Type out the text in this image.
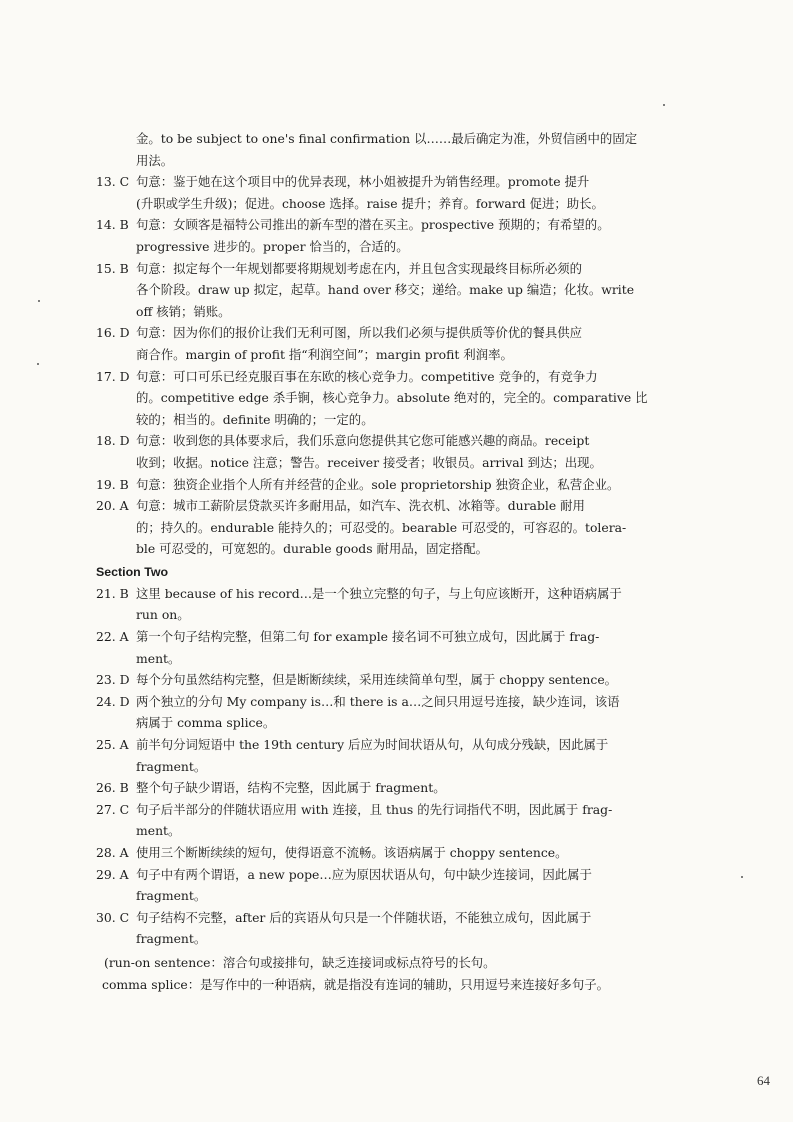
金。to be subject to one's final confirmation 以……最后确定为准，外贸信函中的固定
用法。
13. C 句意：鉴于她在这个项目中的优异表现，林小姐被提升为销售经理。promote 提升
(升职或学生升级)；促进。choose 选择。raise 提升；养育。forward 促进；助长。
14. B 句意：女顾客是福特公司推出的新车型的潜在买主。prospective 预期的；有希望的。
progressive 进步的。proper 恰当的，合适的。
15. B 句意：拟定每个一年规划都要将期规划考虑在内，并且包含实现最终目标所必须的
各个阶段。draw up 拟定，起草。hand over 移交；递给。make up 编造；化妆。write
off 核销；销账。
16. D 句意：因为你们的报价让我们无利可图，所以我们必须与提供质等价优的餐具供应
商合作。margin of profit 指“利润空间”；margin profit 利润率。
17. D 句意：可口可乐已经克服百事在东欧的核心竞争力。competitive 竞争的，有竞争力
的。competitive edge 杀手锏，核心竞争力。absolute 绝对的，完全的。comparative 比
较的；相当的。definite 明确的；一定的。
18. D 句意：收到您的具体要求后，我们乐意向您提供其它您可能感兴趣的商品。receipt
收到；收据。notice 注意；警告。receiver 接受者；收银员。arrival 到达；出现。
19. B 句意：独资企业指个人所有并经营的企业。sole proprietorship 独资企业，私营企业。
20. A 句意：城市工薪阶层贷款买许多耐用品，如汽车、洗衣机、冰箱等。durable 耐用
的；持久的。endurable 能持久的；可忍受的。bearable 可忍受的，可容忍的。tolera-
ble 可忍受的，可宽恕的。durable goods 耐用品，固定搭配。
Section Two
21. B 这里 because of his record…是一个独立完整的句子，与上句应该断开，这种语病属于
run on。
22. A 第一个句子结构完整，但第二句 for example 接名词不可独立成句，因此属于 frag-
ment。
23. D 每个分句虽然结构完整，但是断断续续，采用连续简单句型，属于 choppy sentence。
24. D 两个独立的分句 My company is…和 there is a…之间只用逗号连接，缺少连词，该语
病属于 comma splice。
25. A 前半句分词短语中 the 19th century 后应为时间状语从句，从句成分残缺，因此属于
fragment。
26. B 整个句子缺少谓语，结构不完整，因此属于 fragment。
27. C 句子后半部分的伴随状语应用 with 连接，且 thus 的先行词指代不明，因此属于 frag-
ment。
28. A 使用三个断断续续的短句，使得语意不流畅。该语病属于 choppy sentence。
29. A 句子中有两个谓语，a new pope…应为原因状语从句，句中缺少连接词，因此属于
fragment。
30. C 句子结构不完整，after 后的宾语从句只是一个伴随状语，不能独立成句，因此属于
fragment。
(run-on sentence：溶合句或接排句，缺乏连接词或标点符号的长句。
comma splice：是写作中的一种语病，就是指没有连词的辅助，只用逗号来连接好多句子。
64
